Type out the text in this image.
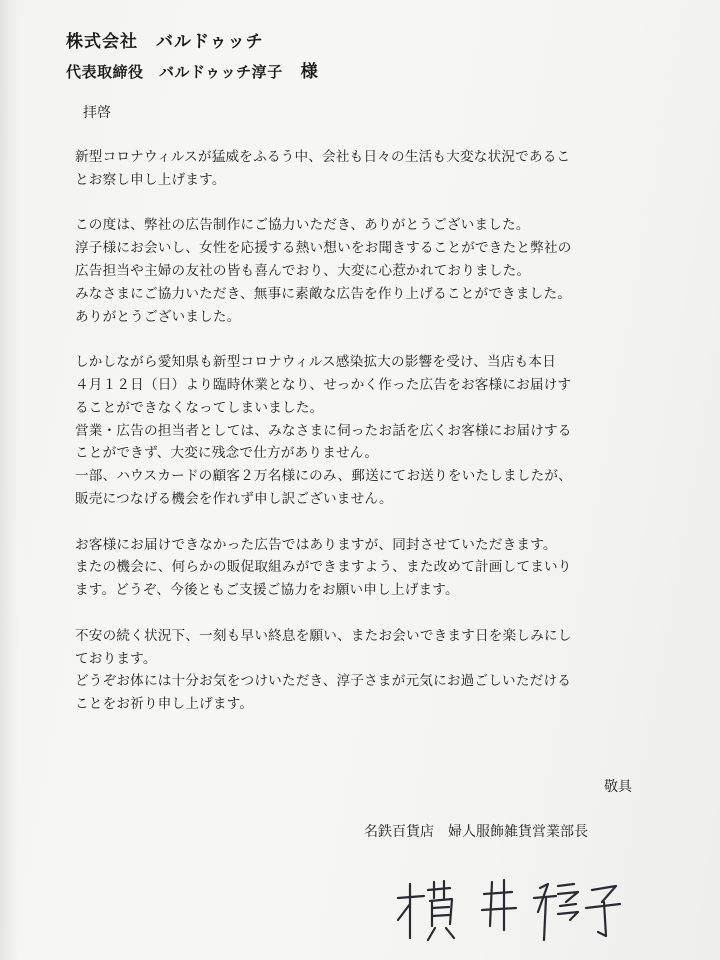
株式会社　バルドゥッチ
代表取締役　バルドゥッチ淳子 様
拝啓
新型コロナウィルスが猛威をふるう中、会社も日々の生活も大変な状況であるこ
とお察し申し上げます。
この度は、弊社の広告制作にご協力いただき、ありがとうございました。
淳子様にお会いし、女性を応援する熱い想いをお聞きすることができたと弊社の
広告担当や主婦の友社の皆も喜んでおり、大変に心惹かれておりました。
みなさまにご協力いただき、無事に素敵な広告を作り上げることができました。
ありがとうございました。
しかしながら愛知県も新型コロナウィルス感染拡大の影響を受け、当店も本日
４月１２日（日）より臨時休業となり、せっかく作った広告をお客様にお届けす
ることができなくなってしまいました。
営業・広告の担当者としては、みなさまに伺ったお話を広くお客様にお届けする
ことができず、大変に残念で仕方がありません。
一部、ハウスカードの顧客２万名様にのみ、郵送にてお送りをいたしましたが、
販売につなげる機会を作れず申し訳ございません。
お客様にお届けできなかった広告ではありますが、同封させていただきます。
またの機会に、何らかの販促取組みができますよう、また改めて計画してまいり
ます。どうぞ、今後ともご支援ご協力をお願い申し上げます。
不安の続く状況下、一刻も早い終息を願い、またお会いできます日を楽しみにし
ております。
どうぞお体には十分お気をつけいただき、淳子さまが元気にお過ごしいただける
ことをお祈り申し上げます。
敬具
名鉄百貨店　婦人服飾雑貨営業部長
